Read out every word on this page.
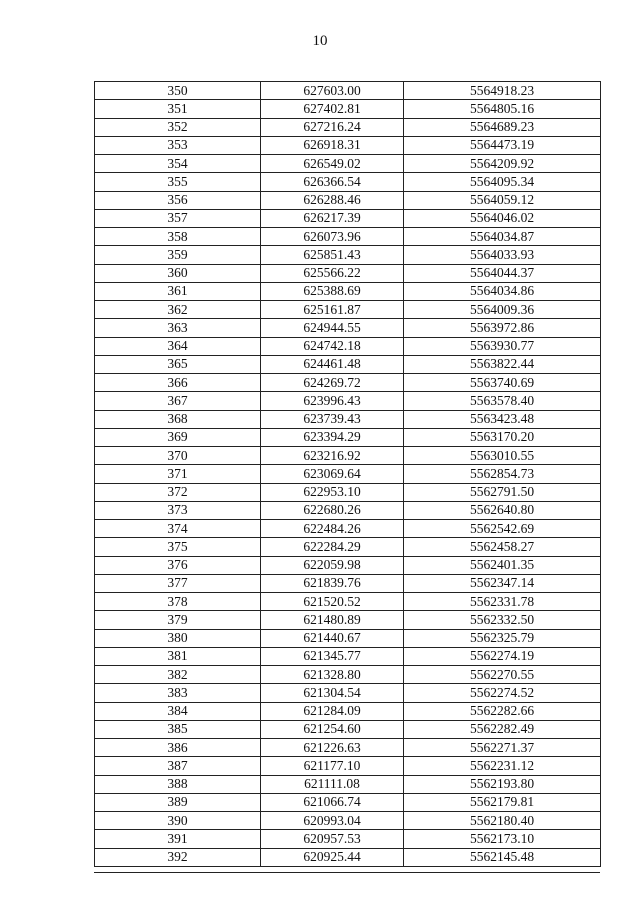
10
350	627603.00	5564918.23
351	627402.81	5564805.16
352	627216.24	5564689.23
353	626918.31	5564473.19
354	626549.02	5564209.92
355	626366.54	5564095.34
356	626288.46	5564059.12
357	626217.39	5564046.02
358	626073.96	5564034.87
359	625851.43	5564033.93
360	625566.22	5564044.37
361	625388.69	5564034.86
362	625161.87	5564009.36
363	624944.55	5563972.86
364	624742.18	5563930.77
365	624461.48	5563822.44
366	624269.72	5563740.69
367	623996.43	5563578.40
368	623739.43	5563423.48
369	623394.29	5563170.20
370	623216.92	5563010.55
371	623069.64	5562854.73
372	622953.10	5562791.50
373	622680.26	5562640.80
374	622484.26	5562542.69
375	622284.29	5562458.27
376	622059.98	5562401.35
377	621839.76	5562347.14
378	621520.52	5562331.78
379	621480.89	5562332.50
380	621440.67	5562325.79
381	621345.77	5562274.19
382	621328.80	5562270.55
383	621304.54	5562274.52
384	621284.09	5562282.66
385	621254.60	5562282.49
386	621226.63	5562271.37
387	621177.10	5562231.12
388	621111.08	5562193.80
389	621066.74	5562179.81
390	620993.04	5562180.40
391	620957.53	5562173.10
392	620925.44	5562145.48
